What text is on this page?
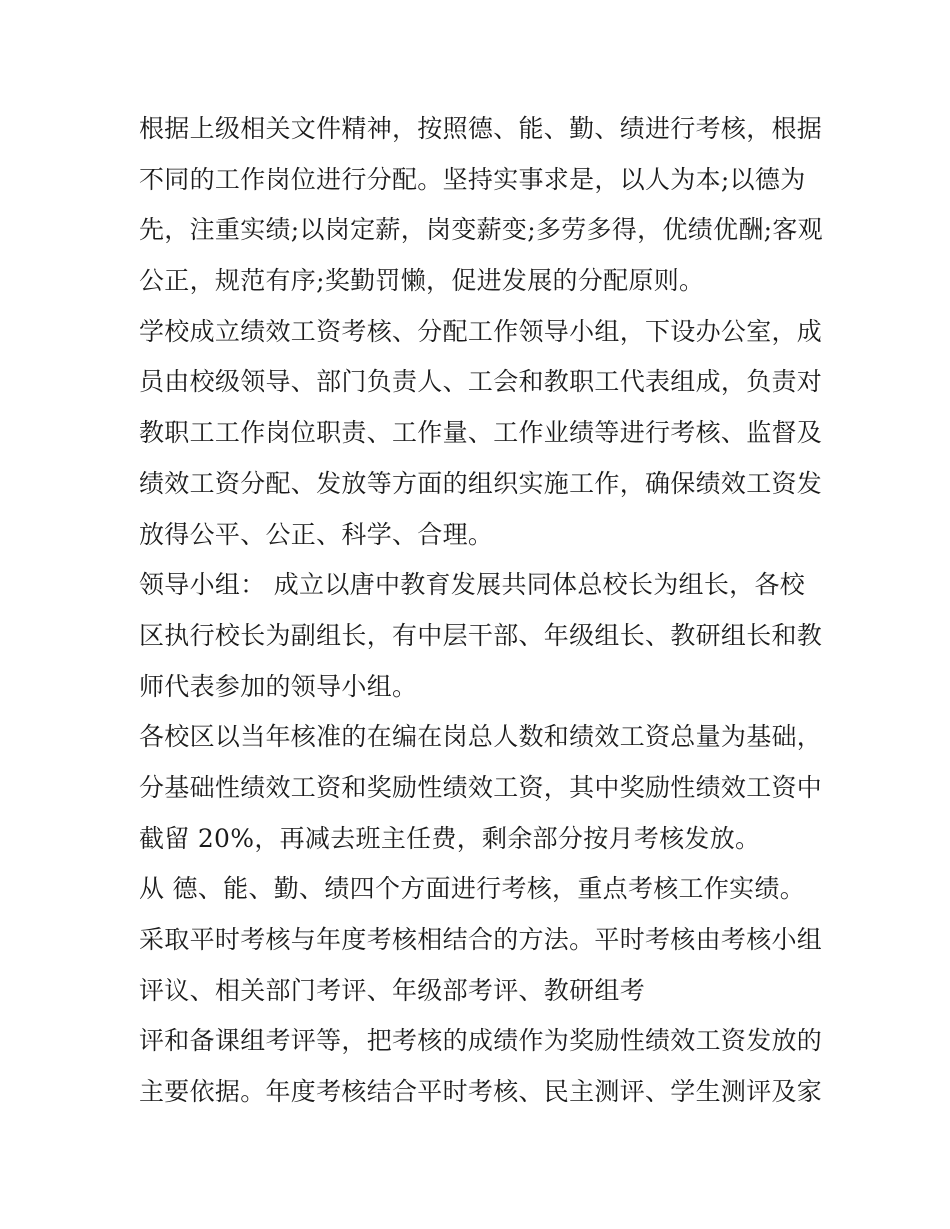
根据上级相关文件精神，按照德、能、勤、绩进行考核，根据
不同的工作岗位进行分配。坚持实事求是，以人为本;以德为
先，注重实绩;以岗定薪，岗变薪变;多劳多得，优绩优酬;客观
公正，规范有序;奖勤罚懒，促进发展的分配原则。
学校成立绩效工资考核、分配工作领导小组，下设办公室，成
员由校级领导、部门负责人、工会和教职工代表组成，负责对
教职工工作岗位职责、工作量、工作业绩等进行考核、监督及
绩效工资分配、发放等方面的组织实施工作，确保绩效工资发
放得公平、公正、科学、合理。
领导小组： 成立以唐中教育发展共同体总校长为组长，各校
区执行校长为副组长，有中层干部、年级组长、教研组长和教
师代表参加的领导小组。
各校区以当年核准的在编在岗总人数和绩效工资总量为基础，
分基础性绩效工资和奖励性绩效工资，其中奖励性绩效工资中
截留 20%，再减去班主任费，剩余部分按月考核发放。
从 德、能、勤、绩四个方面进行考核，重点考核工作实绩。
采取平时考核与年度考核相结合的方法。平时考核由考核小组
评议、相关部门考评、年级部考评、教研组考
评和备课组考评等，把考核的成绩作为奖励性绩效工资发放的
主要依据。年度考核结合平时考核、民主测评、学生测评及家
